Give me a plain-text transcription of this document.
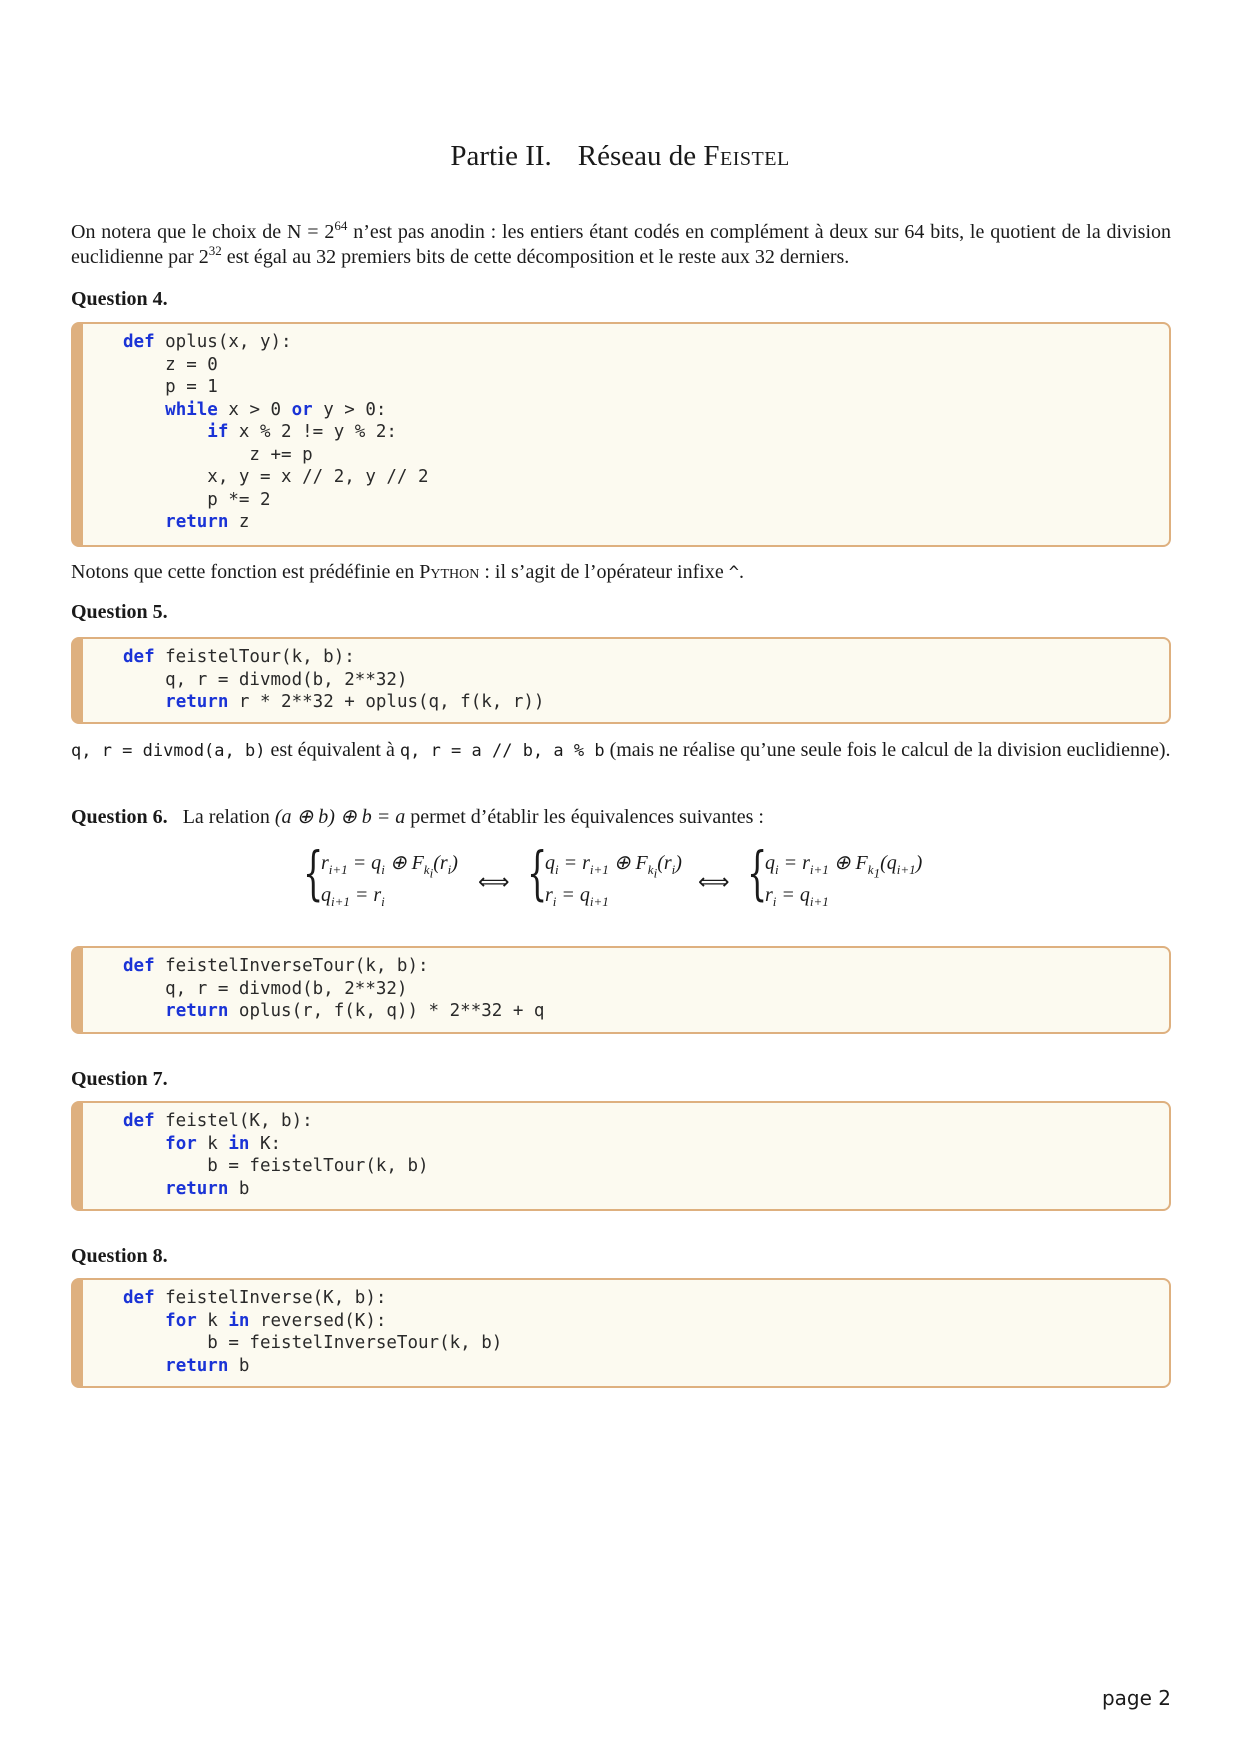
Partie II. Réseau de Feistel
On notera que le choix de $N = 2^{64}$ n’est pas anodin : les entiers étant codés en complément à deux sur 64 bits, le quotient de la division euclidienne par $2^{32}$ est égal au 32 premiers bits de cette décomposition et le reste aux 32 derniers.
Question 4.
def oplus(x, y):
z = 0
p = 1
while x > 0 or y > 0:
if x % 2 != y % 2:
z += p
x, y = x // 2, y // 2
p *= 2
return z
Notons que cette fonction est prédéfinie en Python : il s’agit de l’opérateur infixe ^.
Question 5.
def feistelTour(k, b):
q, r = divmod(b, 2**32)
return r * 2**32 + oplus(q, f(k, r))
q, r = divmod(a, b) est équivalent à q, r = a // b, a % b (mais ne réalise qu’une seule fois le calcul de la division euclidienne).
Question 6. La relation (a ⊕ b) ⊕ b = a permet d’établir les équivalences suivantes :
{
$r_{i+1} = q_i$ ⊕ $F_{k_i}(r_i)$
$q_{i+1} = r_i$
⟺ {
$q_i = r_{i+1}$ ⊕ $F_{k_i}(r_i)$
$r_i = q_{i+1}$
⟺ {
$q_i = r_{i+1}$ ⊕ $F_{k_1}(q_{i+1})$
$r_i = q_{i+1}$
def feistelInverseTour(k, b):
q, r = divmod(b, 2**32)
return oplus(r, f(k, q)) * 2**32 + q
Question 7.
def feistel(K, b):
for k in K:
b = feistelTour(k, b)
return b
Question 8.
def feistelInverse(K, b):
for k in reversed(K):
b = feistelInverseTour(k, b)
return b
page 2
